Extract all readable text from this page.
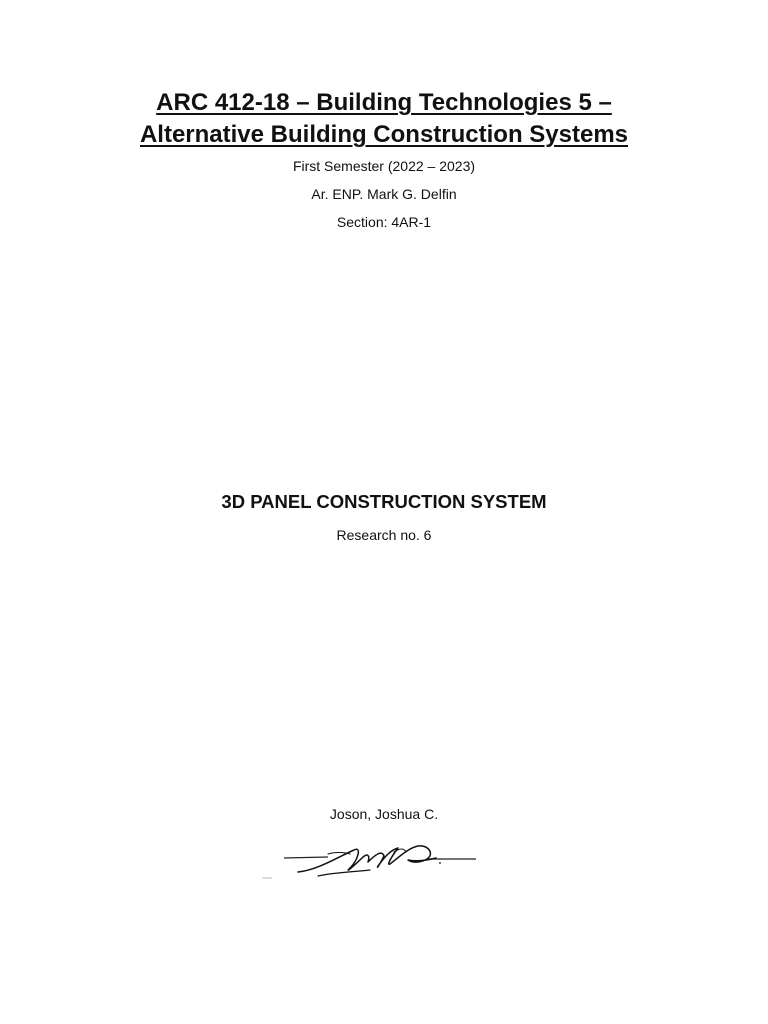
ARC 412-18 – Building Technologies 5 –
Alternative Building Construction Systems
First Semester (2022 – 2023)
Ar. ENP. Mark G. Delfin
Section: 4AR-1
3D PANEL CONSTRUCTION SYSTEM
Research no. 6
Joson, Joshua C.
